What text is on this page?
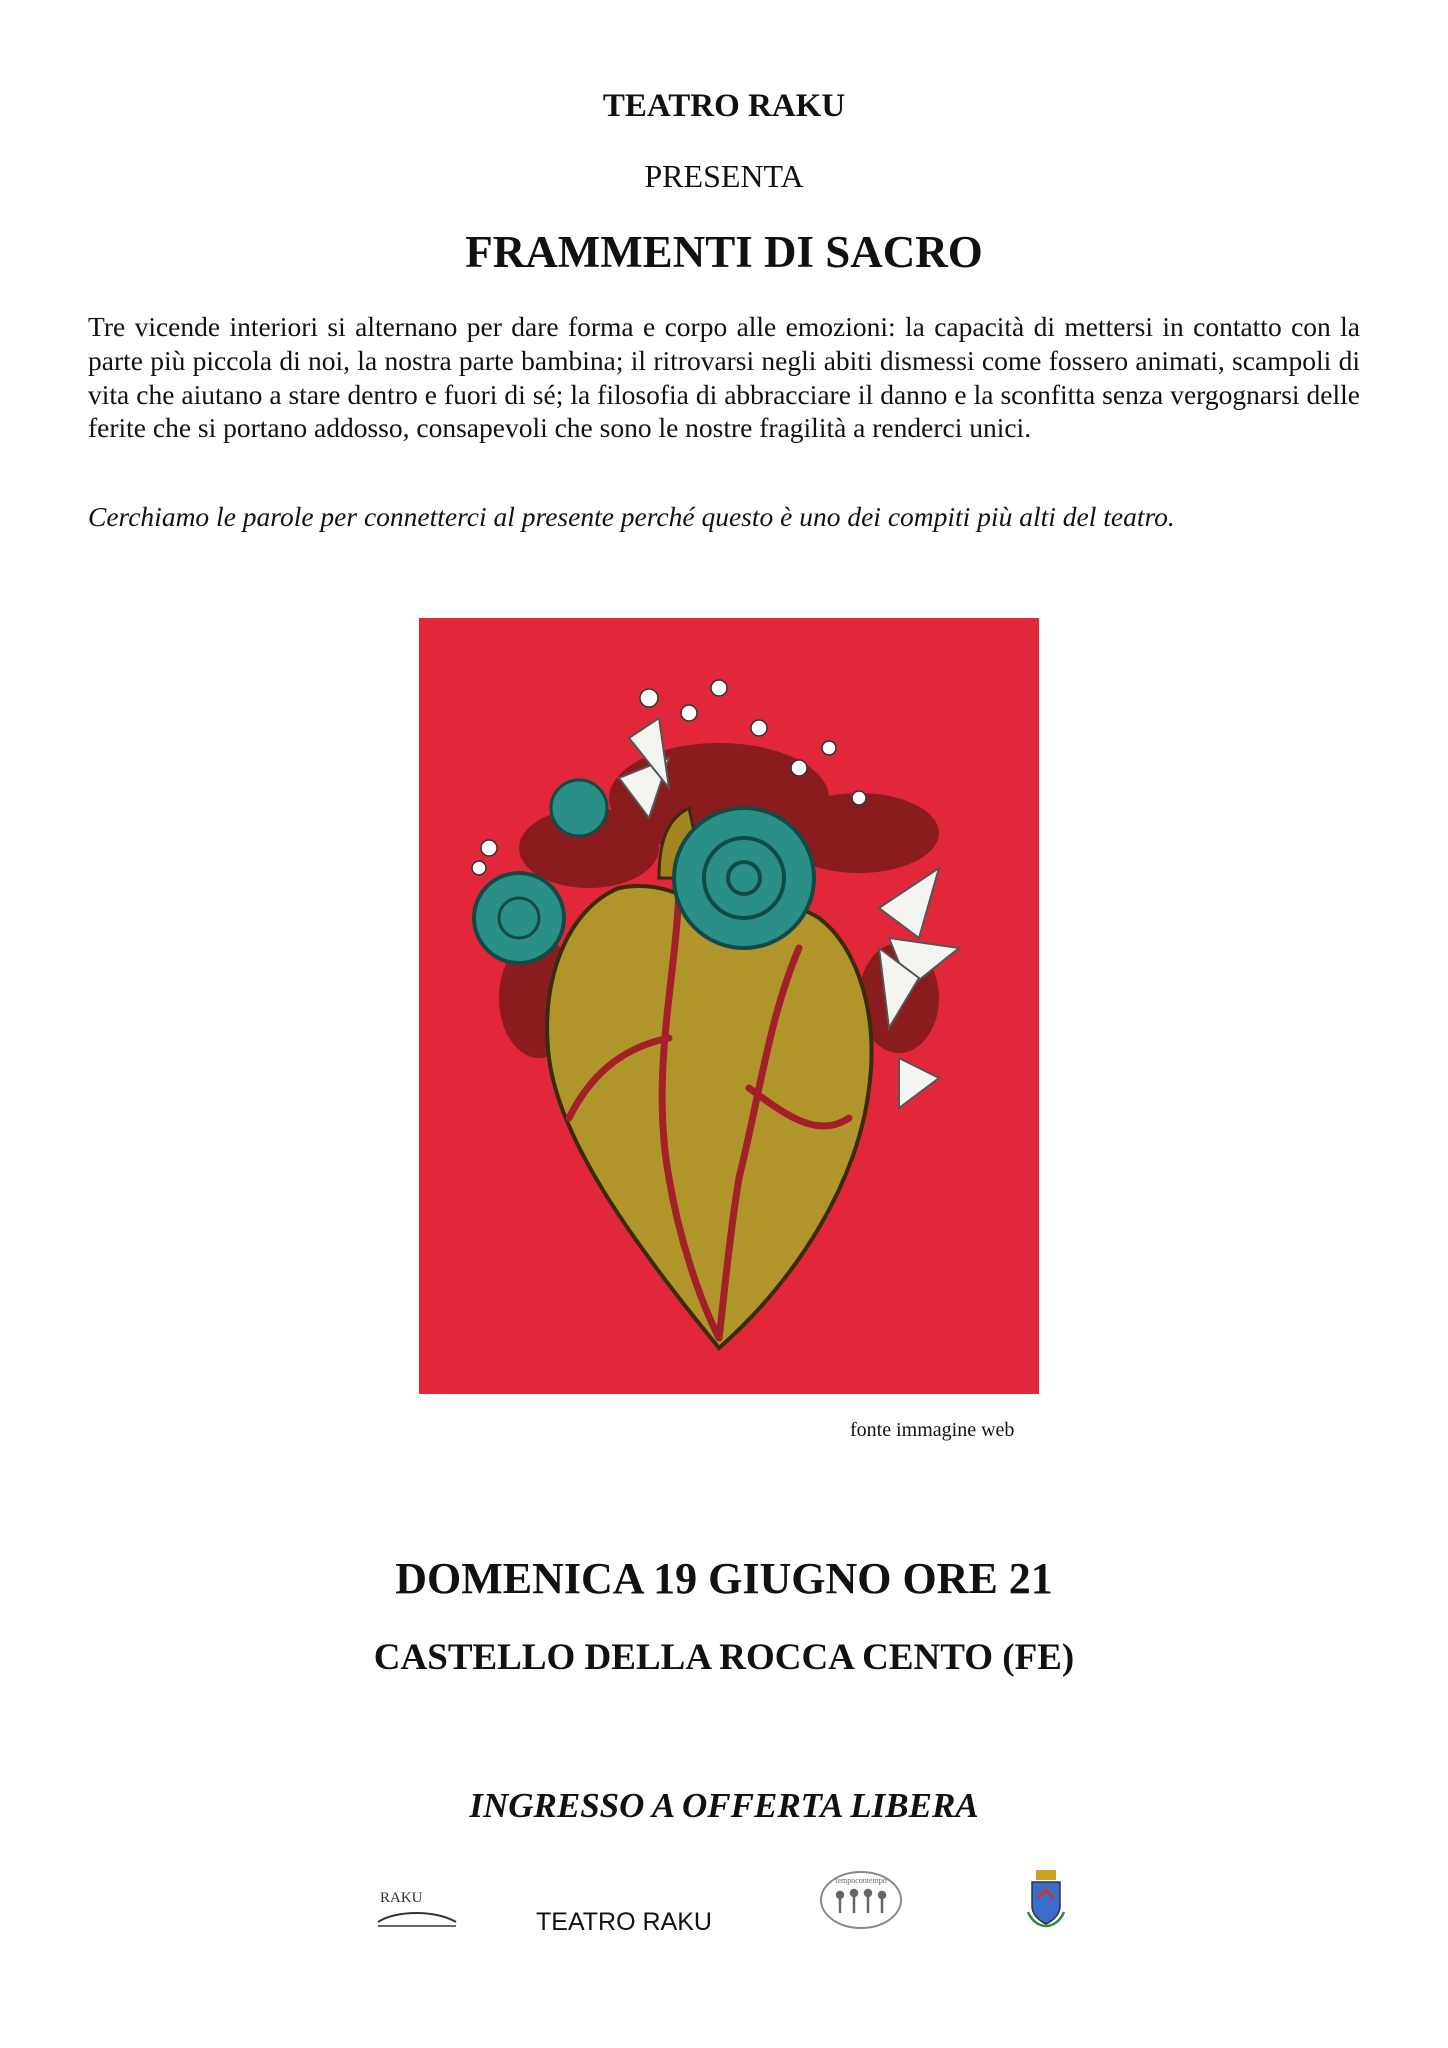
TEATRO RAKU
PRESENTA
FRAMMENTI DI SACRO

Tre vicende interiori si alternano per dare forma e corpo alle emozioni: la capacità di mettersi in contatto con la parte più piccola di noi, la nostra parte bambina; il ritrovarsi negli abiti dismessi come fossero animati, scampoli di vita che aiutano a stare dentro e fuori di sé; la filosofia di abbracciare il danno e la sconfitta senza vergognarsi delle ferite che si portano addosso, consapevoli che sono le nostre fragilità a renderci unici.

Cerchiamo le parole per connetterci al presente perché questo è uno dei compiti più alti del teatro.
fonte immagine web
DOMENICA 19 GIUGNO ORE 21
CASTELLO DELLA ROCCA CENTO (FE)
INGRESSO A OFFERTA LIBERA
RAKU
TEATRO RAKU
tempocontempo
